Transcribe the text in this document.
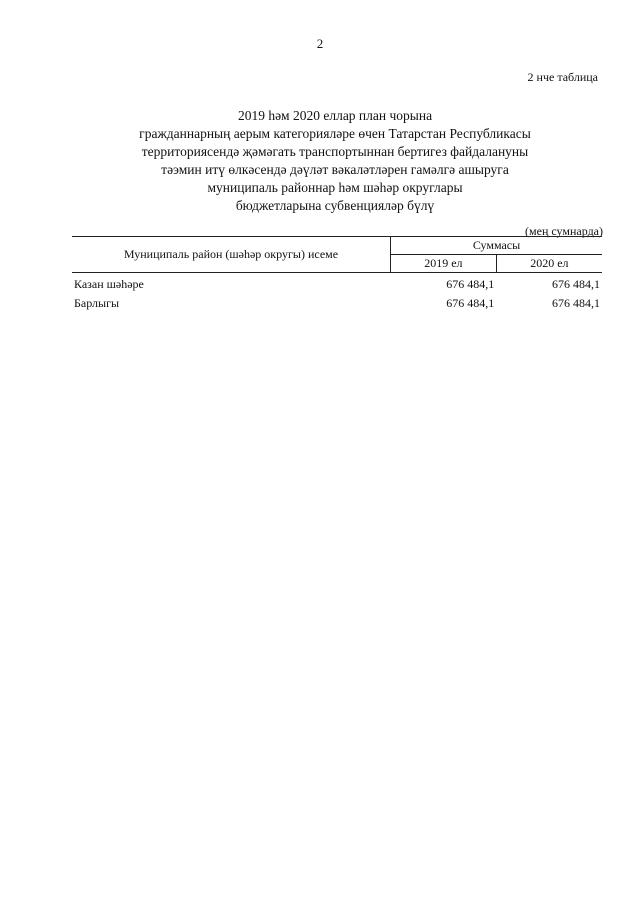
2
2 нче таблица
2019 һәм 2020 еллар план чорына
гражданнарның аерым категорияләре өчен Татарстан Республикасы
территориясендә җәмәгать транспортыннан бертигез файдалануны
тәэмин итү өлкәсендә дәүләт вәкаләтләрен гамәлгә ашыруга
муниципаль районнар һәм шәһәр округлары
бюджетларына субвенцияләр бүлү
(мең сумнарда)
Муниципаль район (шәһәр округы) исеме	Суммасы	
	2019 ел	2020 ел
Казан шәһәре	676 484,1	676 484,1
Барлыгы	676 484,1	676 484,1
